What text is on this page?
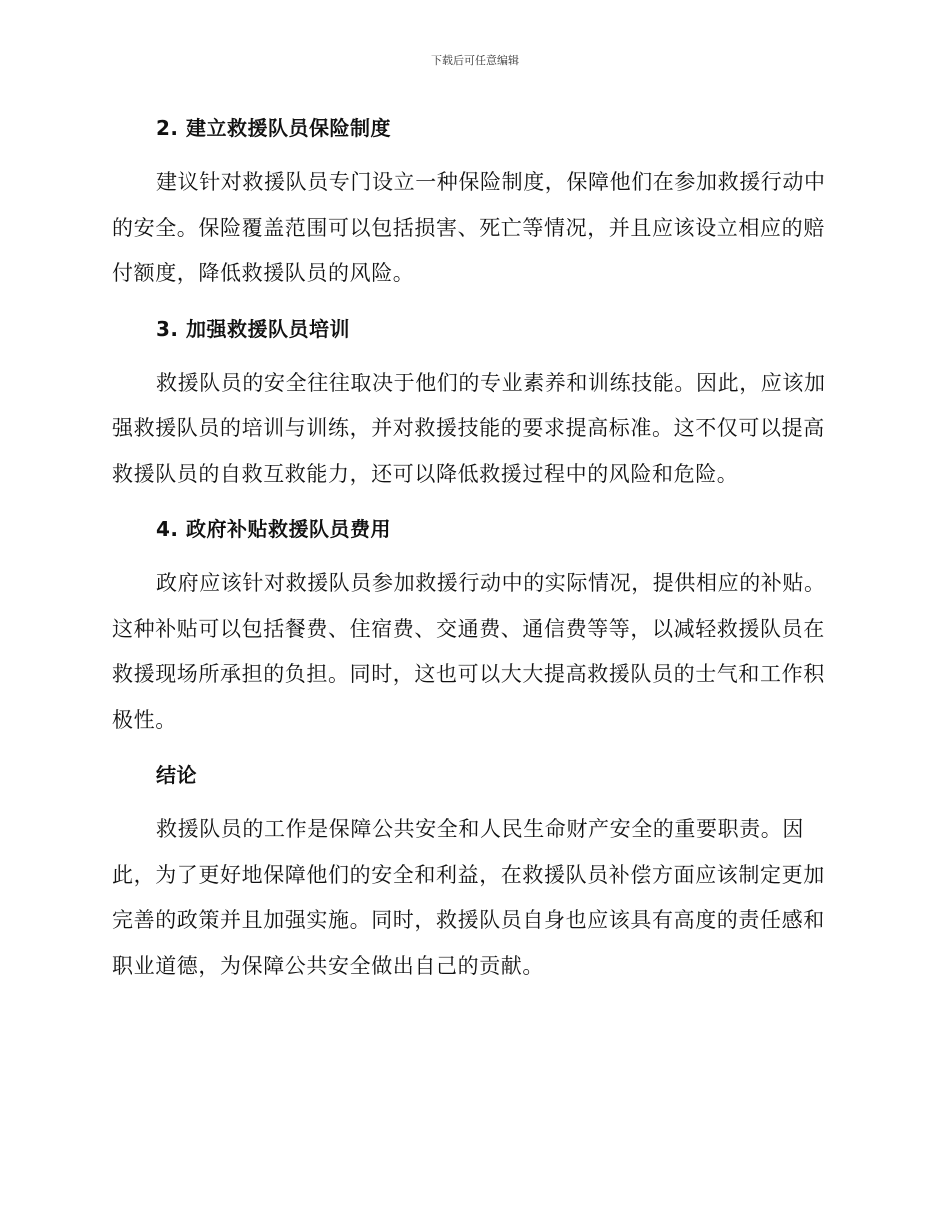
下载后可任意编辑
2. 建立救援队员保险制度
建议针对救援队员专门设立一种保险制度，保障他们在参加救援行动中的安全。保险覆盖范围可以包括损害、死亡等情况，并且应该设立相应的赔付额度，降低救援队员的风险。
3. 加强救援队员培训
救援队员的安全往往取决于他们的专业素养和训练技能。因此，应该加强救援队员的培训与训练，并对救援技能的要求提高标准。这不仅可以提高救援队员的自救互救能力，还可以降低救援过程中的风险和危险。
4. 政府补贴救援队员费用
政府应该针对救援队员参加救援行动中的实际情况，提供相应的补贴。这种补贴可以包括餐费、住宿费、交通费、通信费等等，以减轻救援队员在救援现场所承担的负担。同时，这也可以大大提高救援队员的士气和工作积极性。
结论
救援队员的工作是保障公共安全和人民生命财产安全的重要职责。因此，为了更好地保障他们的安全和利益，在救援队员补偿方面应该制定更加完善的政策并且加强实施。同时，救援队员自身也应该具有高度的责任感和职业道德，为保障公共安全做出自己的贡献。
